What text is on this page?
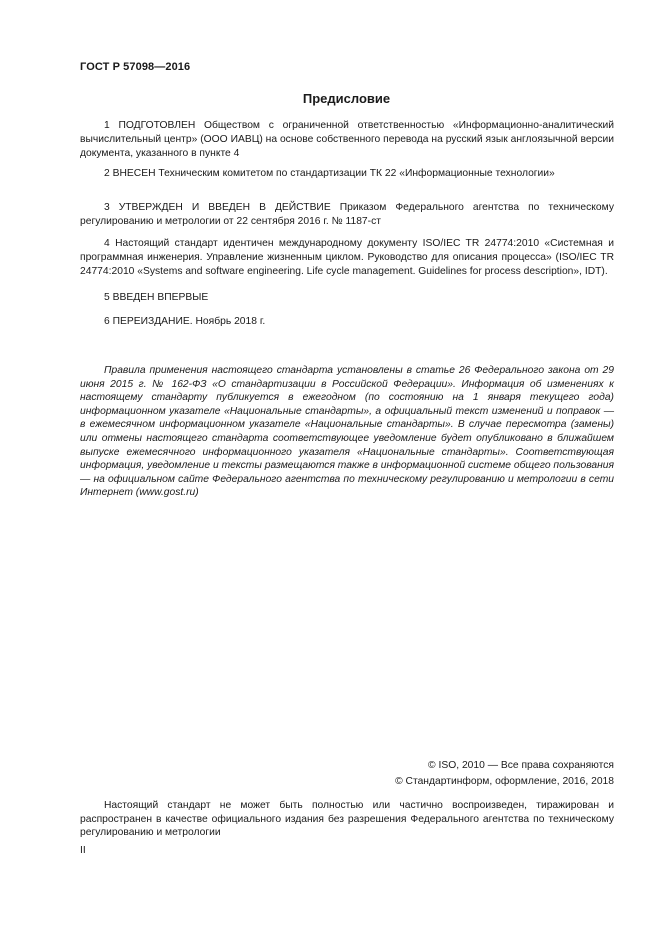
ГОСТ Р 57098—2016
Предисловие

1 ПОДГОТОВЛЕН Обществом с ограниченной ответственностью «Информационно-аналитический вычислительный центр» (ООО ИАВЦ) на основе собственного перевода на русский язык англоязычной версии документа, указанного в пункте 4

2 ВНЕСЕН Техническим комитетом по стандартизации ТК 22 «Информационные технологии»

3 УТВЕРЖДЕН И ВВЕДЕН В ДЕЙСТВИЕ Приказом Федерального агентства по техническому регулированию и метрологии от 22 сентября 2016 г. № 1187-ст

4 Настоящий стандарт идентичен международному документу ISO/IEC TR 24774:2010 «Системная и программная инженерия. Управление жизненным циклом. Руководство для описания процесса» (ISO/IEC TR 24774:2010 «Systems and software engineering. Life cycle management. Guidelines for process description», IDT).

5 ВВЕДЕН ВПЕРВЫЕ

6 ПЕРЕИЗДАНИЕ. Ноябрь 2018 г.

Правила применения настоящего стандарта установлены в статье 26 Федерального закона от 29 июня 2015 г. № 162-ФЗ «О стандартизации в Российской Федерации». Информация об изменениях к настоящему стандарту публикуется в ежегодном (по состоянию на 1 января текущего года) информационном указателе «Национальные стандарты», а официальный текст изменений и поправок — в ежемесячном информационном указателе «Национальные стандарты». В случае пересмотра (замены) или отмены настоящего стандарта соответствующее уведомление будет опубликовано в ближайшем выпуске ежемесячного информационного указателя «Национальные стандарты». Соответствующая информация, уведомление и тексты размещаются также в информационной системе общего пользования — на официальном сайте Федерального агентства по техническому регулированию и метрологии в сети Интернет (www.gost.ru)

© ISO, 2010 — Все права сохраняются
© Стандартинформ, оформление, 2016, 2018

Настоящий стандарт не может быть полностью или частично воспроизведен, тиражирован и распространен в качестве официального издания без разрешения Федерального агентства по техническому регулированию и метрологии

II
